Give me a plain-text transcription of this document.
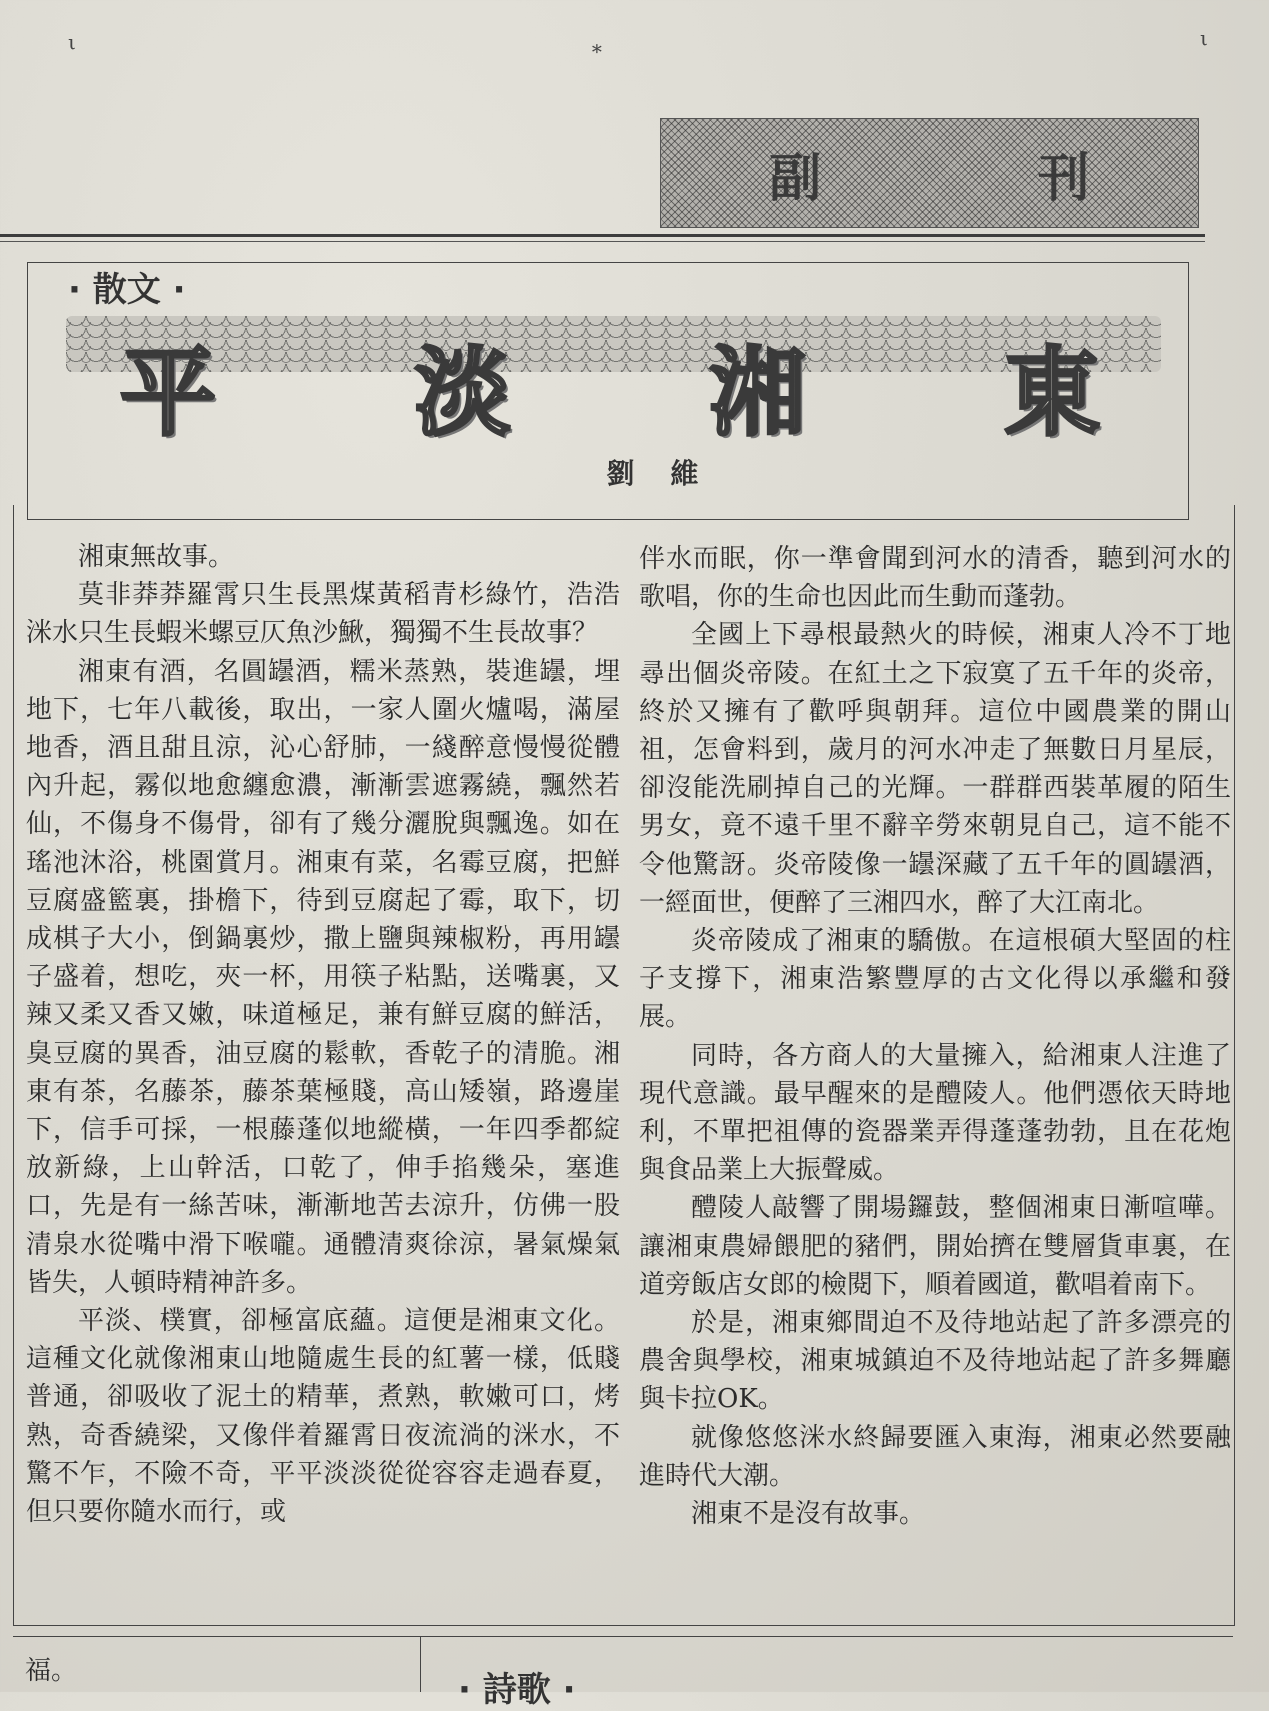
ι	∗	ι
副	刊
· 散文 ·
平 淡 湘 東
劉維

湘東無故事。

莫非莽莽羅霄只生長黑煤黃稻青杉綠竹，浩浩洣水只生長蝦米螺豆仄魚沙鰍，獨獨不生長故事？

湘東有酒，名圓罎酒，糯米蒸熟，裝進罎，埋地下，七年八載後，取出，一家人圍火爐喝，滿屋地香，酒且甜且涼，沁心舒肺，一綫醉意慢慢從體內升起，霧似地愈纏愈濃，漸漸雲遮霧繞，飄然若仙，不傷身不傷骨，卻有了幾分灑脫與飄逸。如在瑤池沐浴，桃園賞月。湘東有菜，名霉豆腐，把鮮豆腐盛籃裏，掛檐下，待到豆腐起了霉，取下，切成棋子大小，倒鍋裏炒，撒上鹽與辣椒粉，再用罎子盛着，想吃，夾一杯，用筷子粘點，送嘴裏，又辣又柔又香又嫩，味道極足，兼有鮮豆腐的鮮活，臭豆腐的異香，油豆腐的鬆軟，香乾子的清脆。湘東有茶，名藤茶，藤茶葉極賤，高山矮嶺，路邊崖下，信手可採，一根藤蓬似地縱橫，一年四季都綻放新綠，上山幹活，口乾了，伸手掐幾朵，塞進口，先是有一絲苦味，漸漸地苦去涼升，仿佛一股清泉水從嘴中滑下喉嚨。通體清爽徐涼，暑氣燥氣皆失，人頓時精神許多。

平淡、樸實，卻極富底蘊。這便是湘東文化。這種文化就像湘東山地隨處生長的紅薯一樣，低賤普通，卻吸收了泥土的精華，煮熟，軟嫩可口，烤熟，奇香繞梁，又像伴着羅霄日夜流淌的洣水，不驚不乍，不險不奇，平平淡淡從從容容走過春夏，但只要你隨水而行，或

伴水而眠，你一準會聞到河水的清香，聽到河水的歌唱，你的生命也因此而生動而蓬勃。

全國上下尋根最熱火的時候，湘東人冷不丁地尋出個炎帝陵。在紅土之下寂寞了五千年的炎帝，終於又擁有了歡呼與朝拜。這位中國農業的開山祖，怎會料到，歲月的河水冲走了無數日月星辰，卻沒能洗刷掉自己的光輝。一群群西裝革履的陌生男女，竟不遠千里不辭辛勞來朝見自己，這不能不令他驚訝。炎帝陵像一罎深藏了五千年的圓罎酒，一經面世，便醉了三湘四水，醉了大江南北。

炎帝陵成了湘東的驕傲。在這根碩大堅固的柱子支撐下，湘東浩繁豐厚的古文化得以承繼和發展。

同時，各方商人的大量擁入，給湘東人注進了現代意識。最早醒來的是醴陵人。他們憑依天時地利，不單把祖傳的瓷器業弄得蓬蓬勃勃，且在花炮與食品業上大振聲威。

醴陵人敲響了開場鑼鼓，整個湘東日漸喧嘩。讓湘東農婦餵肥的豬們，開始擠在雙層貨車裏，在道旁飯店女郎的檢閱下，順着國道，歡唱着南下。

於是，湘東鄉間迫不及待地站起了許多漂亮的農舍與學校，湘東城鎮迫不及待地站起了許多舞廳與卡拉OK。

就像悠悠洣水終歸要匯入東海，湘東必然要融進時代大潮。

湘東不是沒有故事。

福。	· 詩歌 ·
